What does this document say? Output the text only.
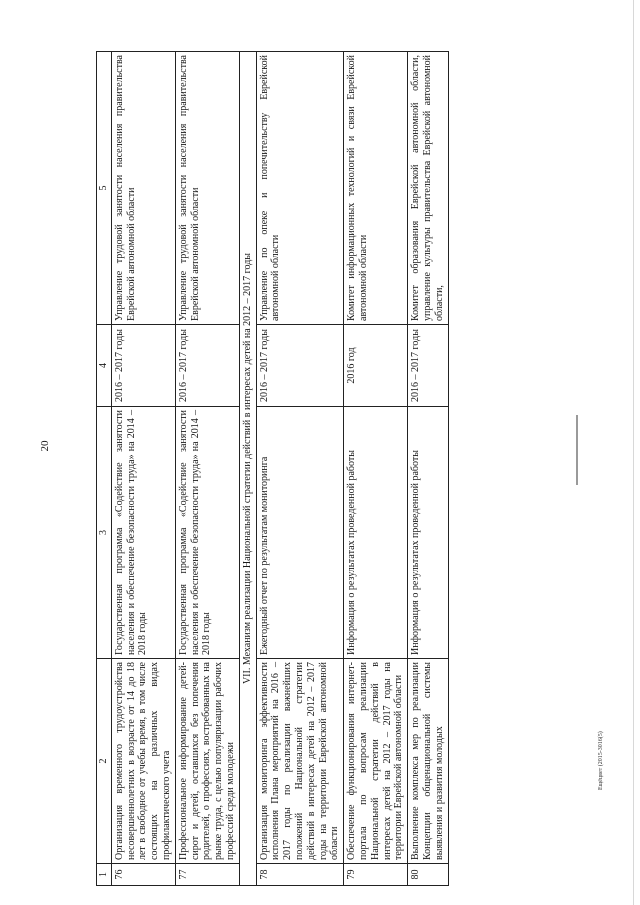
20
1	2	3	4	5
76	Организация временного трудоустройства несовершеннолетних в возрасте от 14 до 18 лет в свободное от учебы время, в том числе состоящих на различных видах профилактического учета	Государственная программа «Содействие занятости населения и обеспечение безопасности труда» на 2014 – 2018 годы	2016 – 2017 годы	Управление трудовой занятости населения правительства Еврейской автономной области
77	Профессиональное информирование детей-сирот и детей, оставшихся без попечения родителей, о профессиях, востребованных на рынке труда, с целью популяризации рабочих профессий среди молодежи	Государственная программа «Содействие занятости населения и обеспечение безопасности труда» на 2014 – 2018 годы	2016 – 2017 годы	Управление трудовой занятости населения правительства Еврейской автономной области
VII. Механизм реализации Национальной стратегии действий в интересах детей на 2012 – 2017 годы				
78	Организация мониторинга эффективности исполнения Плана мероприятий на 2016 – 2017 годы по реализации важнейших положений Национальной стратегии действий в интересах детей на 2012 – 2017 годы на территории Еврейской автономной области	Ежегодный отчет по результатам мониторинга	2016 – 2017 годы	Управление по опеке и попечительству Еврейской автономной области
79	Обеспечение функционирования интернет-портала по вопросам реализации Национальной стратегии действий в интересах детей на 2012 – 2017 годы на территории Еврейской автономной области	Информация о результатах проведенной работы	2016 год	Комитет информационных технологий и связи Еврейской автономной области
80	Выполнение комплекса мер по реализации Концепции общенациональной системы выявления и развития молодых	Информация о результатах проведенной работы	2016 – 2017 годы	Комитет образования Еврейской автономной области, управление культуры правительства Еврейской автономной области,
Ещёцвет (2015-3016(5)
